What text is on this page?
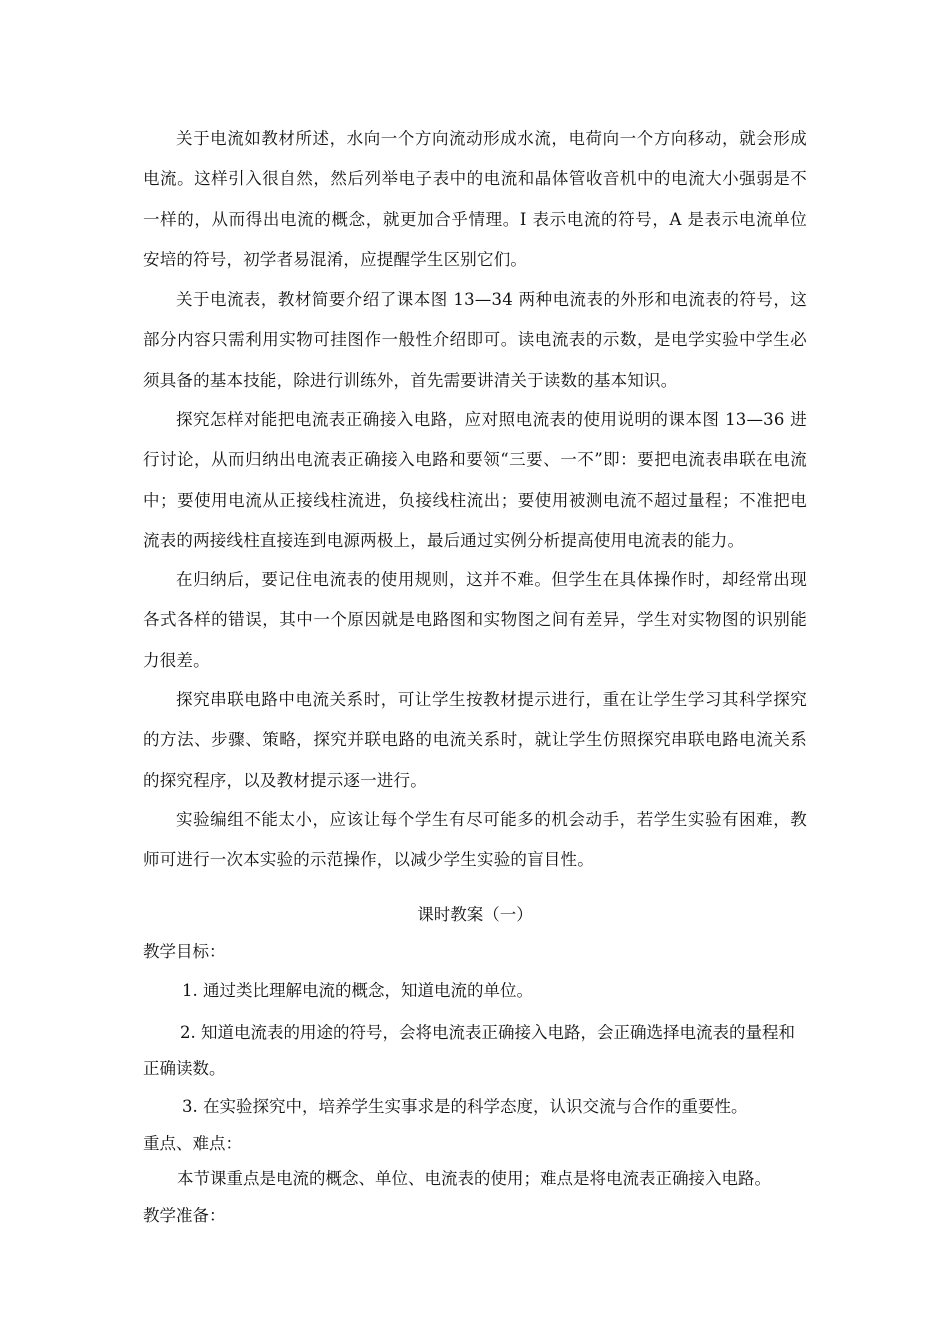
关于电流如教材所述，水向一个方向流动形成水流，电荷向一个方向移动，就会形成电流。这样引入很自然，然后列举电子表中的电流和晶体管收音机中的电流大小强弱是不一样的，从而得出电流的概念，就更加合乎情理。I 表示电流的符号，A 是表示电流单位安培的符号，初学者易混淆，应提醒学生区别它们。

关于电流表，教材简要介绍了课本图 13—34 两种电流表的外形和电流表的符号，这部分内容只需利用实物可挂图作一般性介绍即可。读电流表的示数，是电学实验中学生必须具备的基本技能，除进行训练外，首先需要讲清关于读数的基本知识。

探究怎样对能把电流表正确接入电路，应对照电流表的使用说明的课本图 13—36 进行讨论，从而归纳出电流表正确接入电路和要领“三要、一不”即：要把电流表串联在电流中；要使用电流从正接线柱流进，负接线柱流出；要使用被测电流不超过量程；不准把电流表的两接线柱直接连到电源两极上，最后通过实例分析提高使用电流表的能力。

在归纳后，要记住电流表的使用规则，这并不难。但学生在具体操作时，却经常出现各式各样的错误，其中一个原因就是电路图和实物图之间有差异，学生对实物图的识别能力很差。

探究串联电路中电流关系时，可让学生按教材提示进行，重在让学生学习其科学探究的方法、步骤、策略，探究并联电路的电流关系时，就让学生仿照探究串联电路电流关系的探究程序，以及教材提示逐一进行。

实验编组不能太小，应该让每个学生有尽可能多的机会动手，若学生实验有困难，教师可进行一次本实验的示范操作，以减少学生实验的盲目性。

课时教案（一）

教学目标：

1. 通过类比理解电流的概念，知道电流的单位。

2. 知道电流表的用途的符号，会将电流表正确接入电路，会正确选择电流表的量程和

正确读数。

3. 在实验探究中，培养学生实事求是的科学态度，认识交流与合作的重要性。

重点、难点：

本节课重点是电流的概念、单位、电流表的使用；难点是将电流表正确接入电路。

教学准备：
